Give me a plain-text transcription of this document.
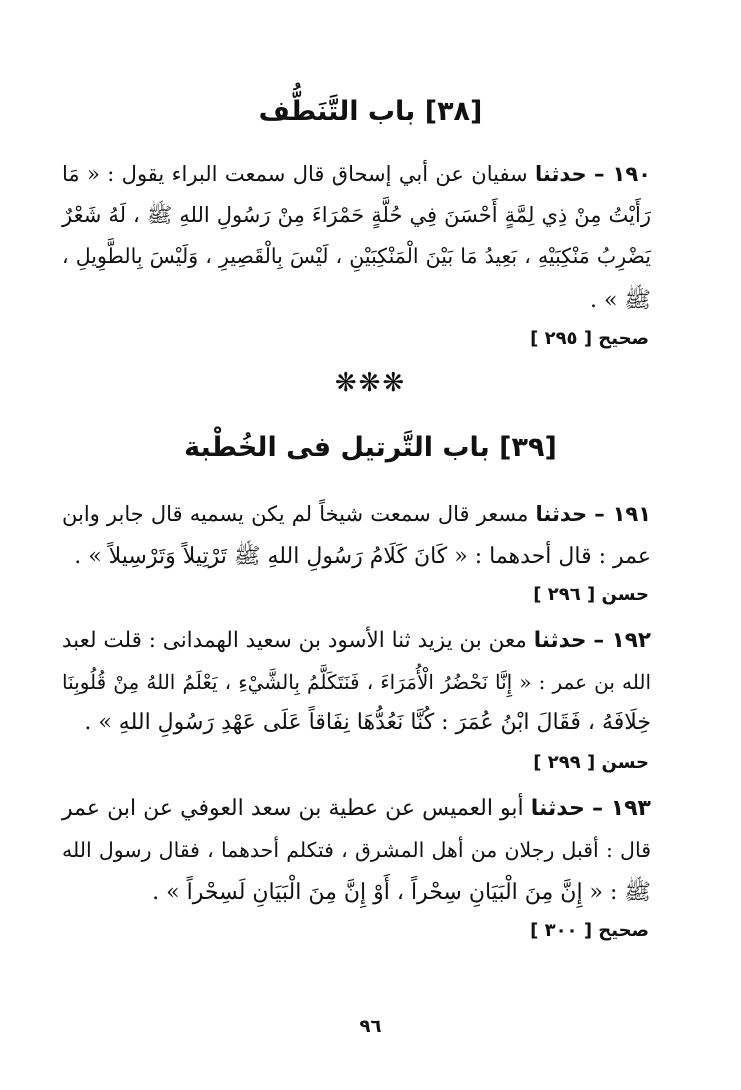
[٣٨] باب التَّنَطُّف
١٩٠ – حدثنا سفيان عن أبي إسحاق قال سمعت البراء يقول : « مَا
رَأَيْتُ مِنْ ذِي لِمَّةٍ أَحْسَنَ فِي حُلَّةٍ حَمْرَاءَ مِنْ رَسُولِ اللهِ ﷺ ، لَهُ شَعْرٌ
يَضْرِبُ مَنْكِبَيْهِ ، بَعِيدُ مَا بَيْنَ الْمَنْكِبَيْنِ ، لَيْسَ بِالْقَصِيرِ ، وَلَيْسَ بِالطَّوِيلِ ،
ﷺ » .
صحيح [ ٢٩٥ ]
❋❋❋
[٣٩] باب التَّرتيل فى الخُطْبة
١٩١ – حدثنا مسعر قال سمعت شيخاً لم يكن يسميه قال جابر وابن
عمر : قال أحدهما : « كَانَ كَلَامُ رَسُولِ اللهِ ﷺ تَرْتِيلاً وَتَرْسِيلاً » .
حسن [ ٢٩٦ ]
١٩٢ – حدثنا معن بن يزيد ثنا الأسود بن سعيد الهمدانى : قلت لعبد
الله بن عمر : « إِنَّا نَحْضُرُ الْأُمَرَاءَ ، فَنَتَكَلَّمُ بِالشَّيْءِ ، يَعْلَمُ اللهُ مِنْ قُلُوبِنَا
خِلَافَهُ ، فَقَالَ ابْنُ عُمَرَ : كُنَّا نَعُدُّهَا نِفَاقاً عَلَى عَهْدِ رَسُولِ اللهِ » .
حسن [ ٢٩٩ ]
١٩٣ – حدثنا أبو العميس عن عطية بن سعد العوفي عن ابن عمر
قال : أقبل رجلان من أهل المشرق ، فتكلم أحدهما ، فقال رسول الله
ﷺ : « إِنَّ مِنَ الْبَيَانِ سِحْراً ، أَوْ إِنَّ مِنَ الْبَيَانِ لَسِحْراً » .
صحيح [ ٣٠٠ ]
٩٦
